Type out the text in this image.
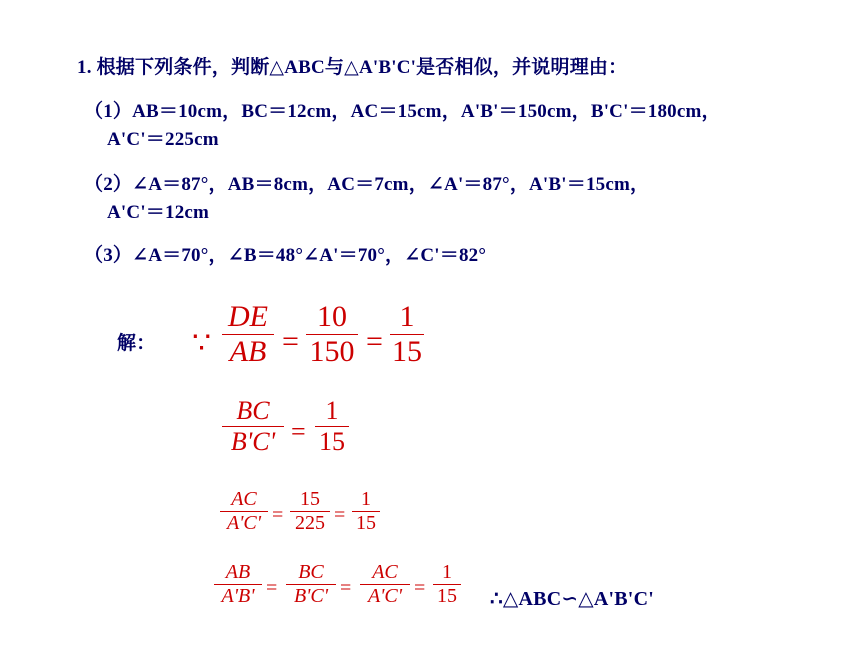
1. 根据下列条件，判断△ABC与△A'B'C'是否相似，并说明理由：
（1）AB＝10cm，BC＝12cm，AC＝15cm，A'B'＝150cm，B'C'＝180cm，
A'C'＝225cm
（2）∠A＝87°，AB＝8cm，AC＝7cm，∠A'＝87°，A'B'＝15cm，
A'C'＝12cm
（3）∠A＝70°，∠B＝48°∠A'＝70°，∠C'＝82°
解： ∵
DE
AB =
10
150 =
1
15
BC
B'C' =
1
15
AC
A'C' =
15
225 =
1
15
AB
A'B' =
BC
B'C' =
AC
A'C' =
1
15 ∴△ABC∽△A'B'C'
